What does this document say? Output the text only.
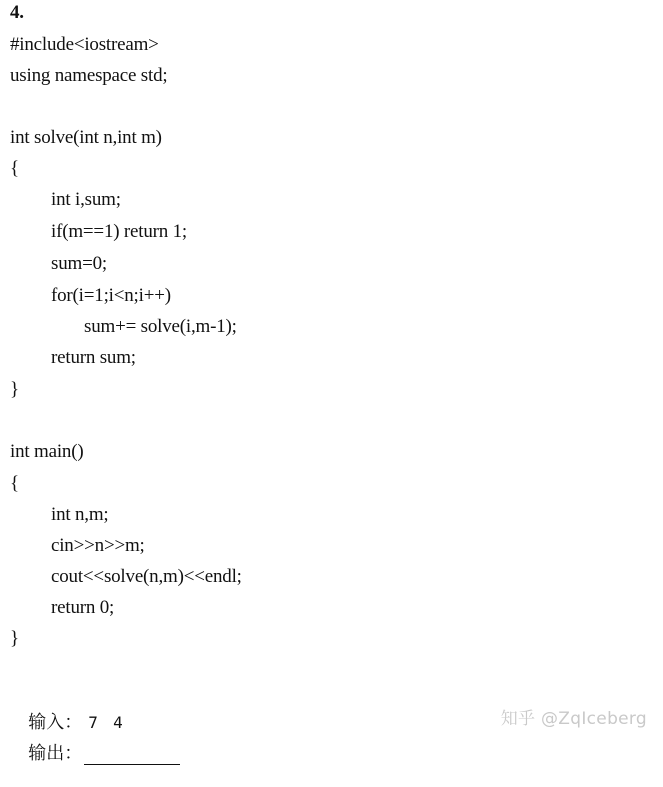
4.
#include<iostream>
using namespace std;
int solve(int n,int m)
{
int i,sum;
if(m==1) return 1;
sum=0;
for(i=1;i<n;i++)
sum+= solve(i,m-1);
return sum;
}
int main()
{
int n,m;
cin>>n>>m;
cout<<solve(n,m)<<endl;
return 0;
}

输入： 7 4

输出：

知乎 @ZqIceberg
